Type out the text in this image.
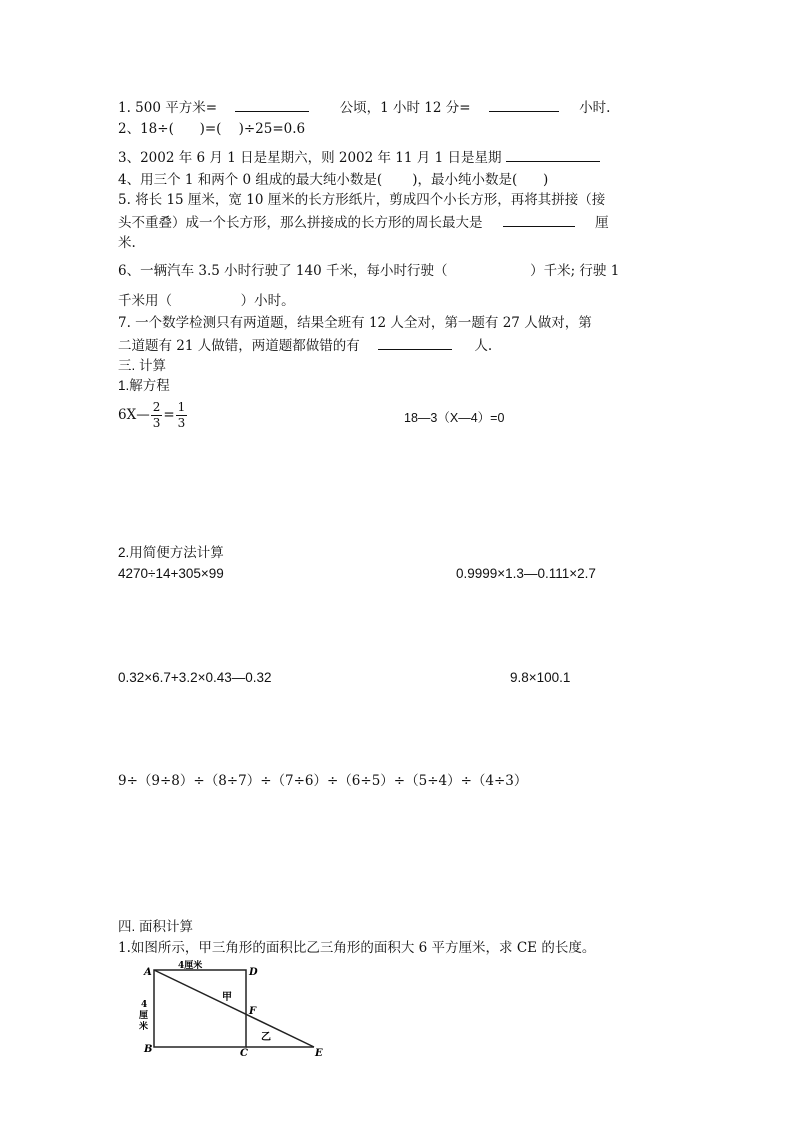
1. 500 平方米=	公顷，1 小时 12 分=	小时.
2、18÷(      )=(    )÷25=0.6
3、2002 年 6 月 1 日是星期六，则 2002 年 11 月 1 日是星期
4、用三个 1 和两个 0 组成的最大纯小数是(       )，最小纯小数是(      )
5. 将长 15 厘米，宽 10 厘米的长方形纸片，剪成四个小长方形，再将其拼接（接
头不重叠）成一个长方形，那么拼接成的长方形的周长最大是	厘
米.
6、一辆汽车 3.5 小时行驶了 140 千米，每小时行驶（	）千米; 行驶 1
千米用（	）小时。
7. 一个数学检测只有两道题，结果全班有 12 人全对，第一题有 27 人做对，第
二道题有 21 人做错，两道题都做错的有	人.
三. 计算
1.解方程
6X— $\frac{2}{3} = \frac{1}{3}$	18—3（X—4）=0
2.用简便方法计算
4270÷14+305×99	0.9999×1.3—0.111×2.7
0.32×6.7+3.2×0.43—0.32	9.8×100.1
9÷（9÷8）÷（8÷7）÷（7÷6）÷（6÷5）÷（5÷4）÷（4÷3）
四. 面积计算
1.如图所示，甲三角形的面积比乙三角形的面积大 6 平方厘米，求 CE 的长度。
A	D
B	C
F
E
4厘米
4
厘
米
甲
乙
